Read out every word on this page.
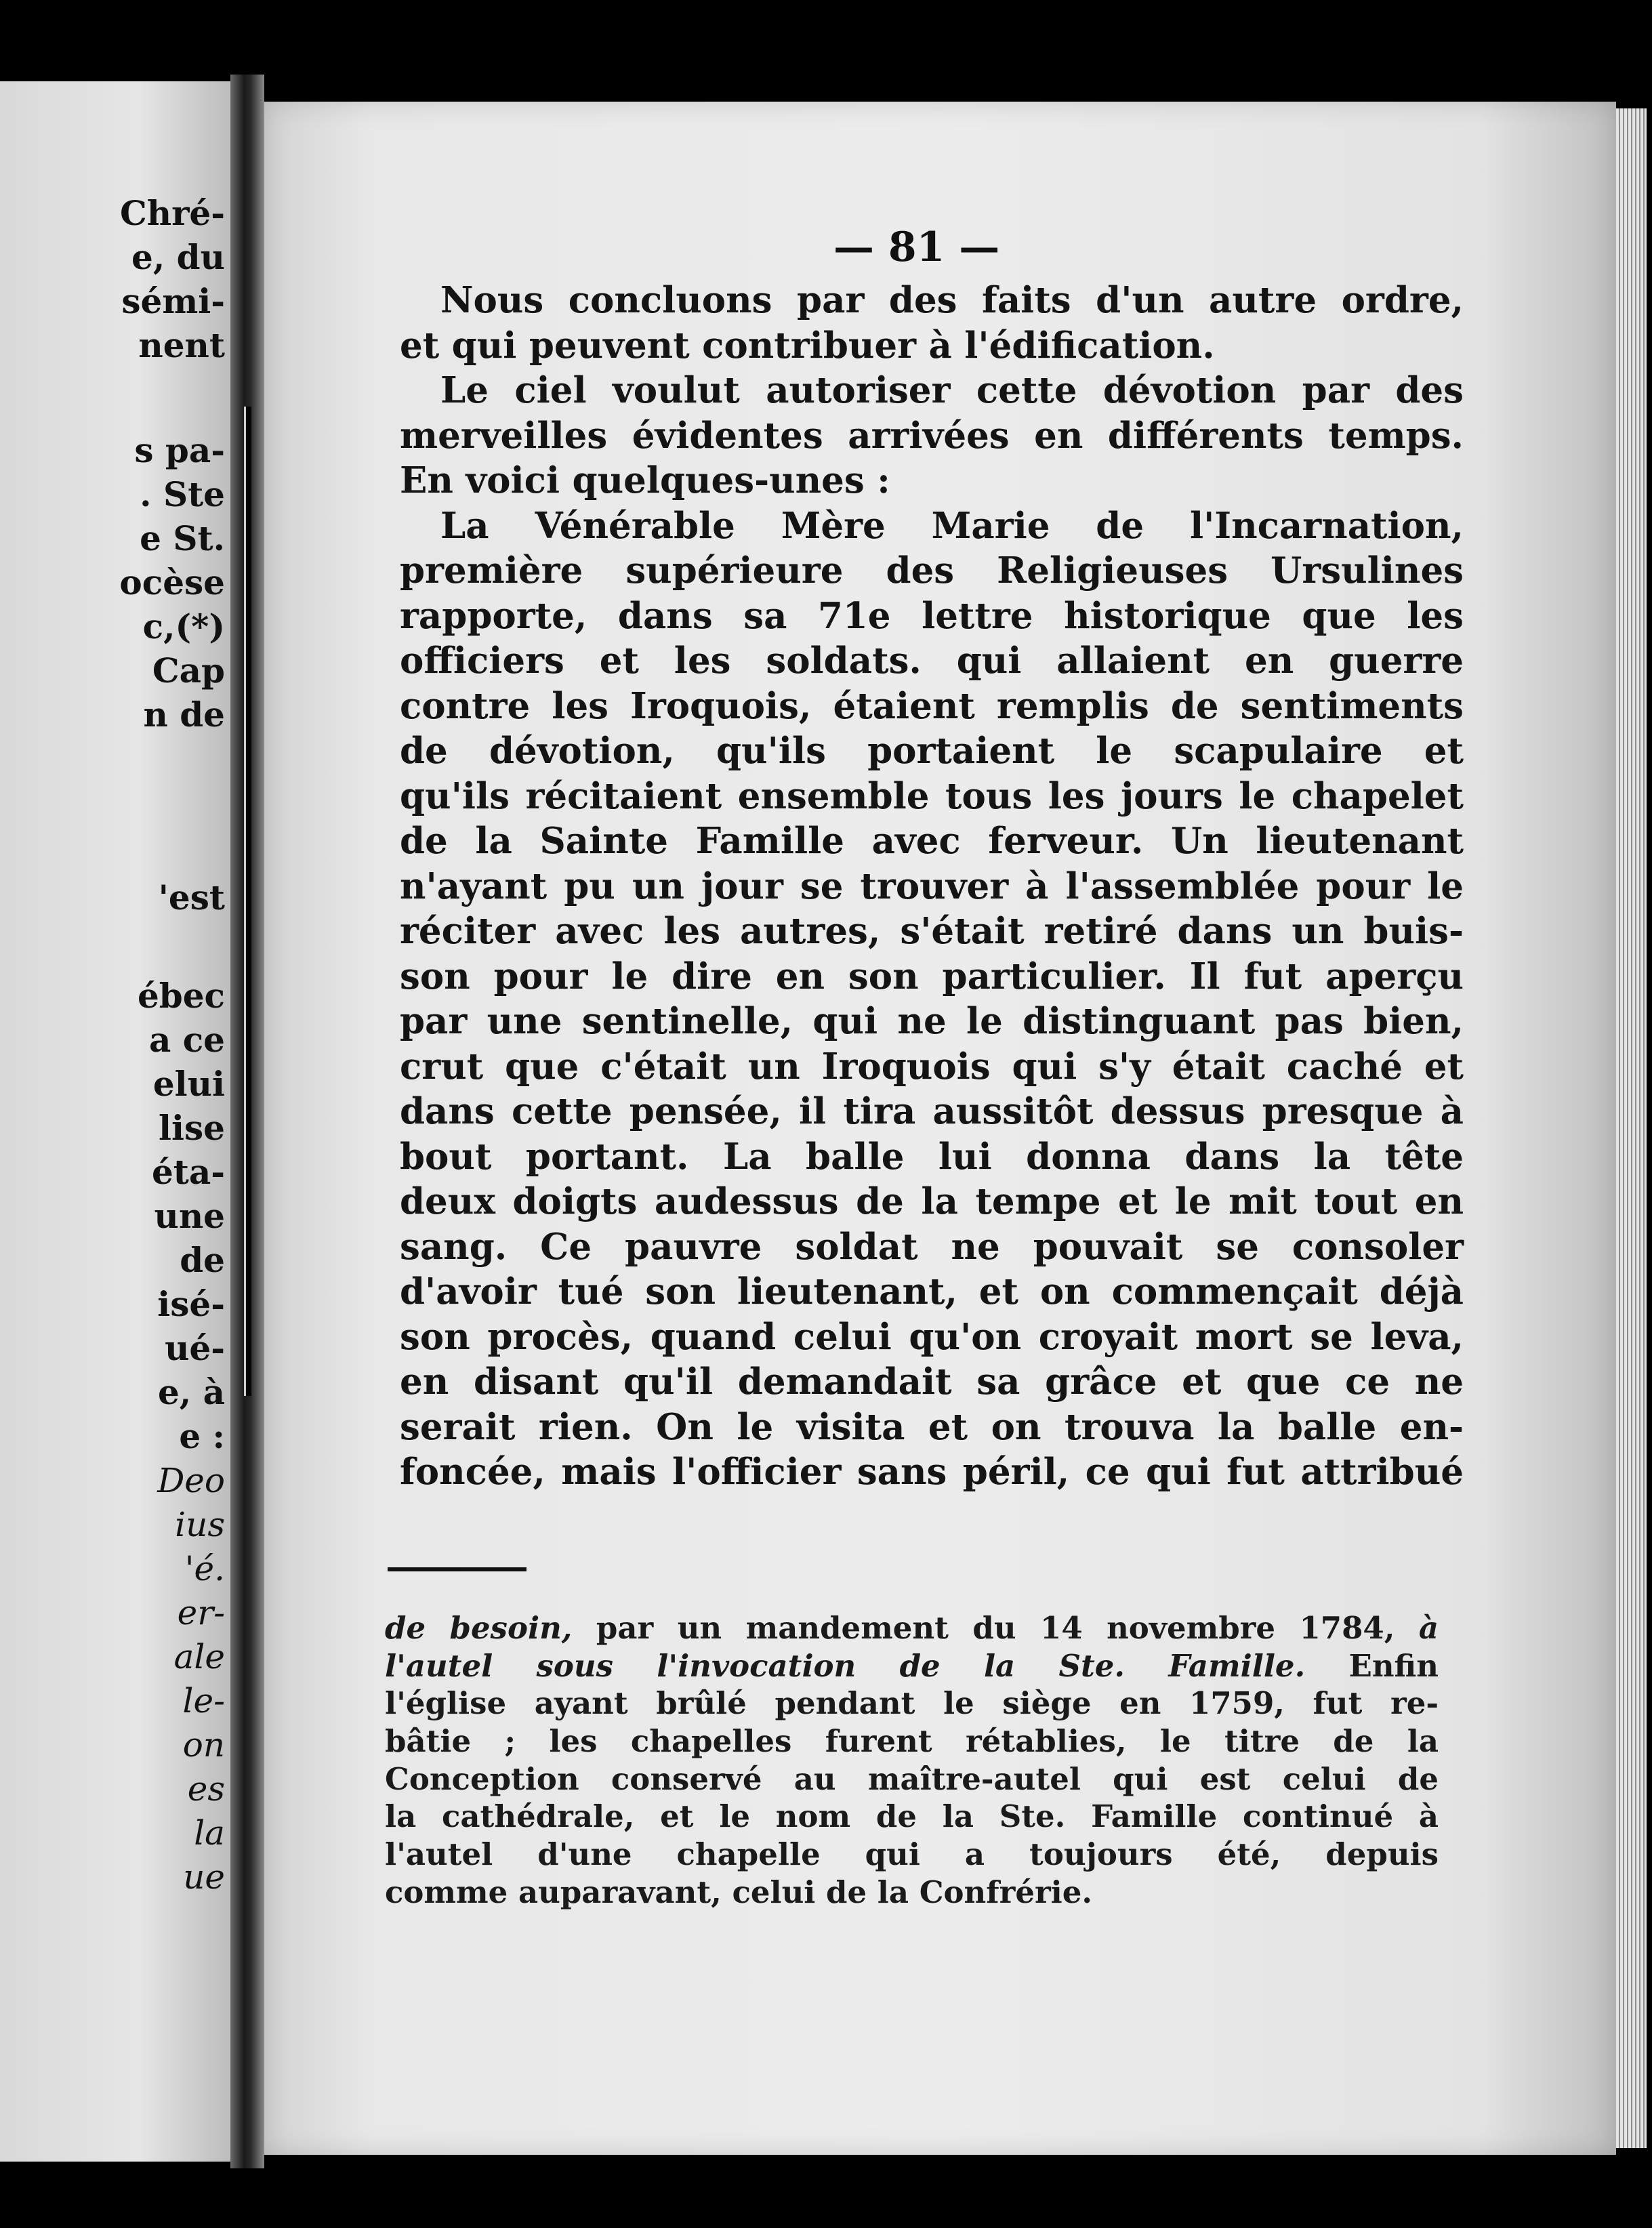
Chré-
e, du
sémi-
nent
s pa-
. Ste
e St.
ocèse
c,(*)
Cap
n de
'est
ébec
a ce
elui
lise
éta-
une
de
isé-
ué-
e, à
e :
Deo
ius
'é.
er-
ale
le-
on
es
la
ue
— 81 —
Nous concluons par des faits d'un autre ordre,
et qui peuvent contribuer à l'édification.
Le ciel voulut autoriser cette dévotion par des
merveilles évidentes arrivées en différents temps.
En voici quelques-unes :
La Vénérable Mère Marie de l'Incarnation,
première supérieure des Religieuses Ursulines
rapporte, dans sa 71e lettre historique que les
officiers et les soldats. qui allaient en guerre
contre les Iroquois, étaient remplis de sentiments
de dévotion, qu'ils portaient le scapulaire et
qu'ils récitaient ensemble tous les jours le chapelet
de la Sainte Famille avec ferveur. Un lieutenant
n'ayant pu un jour se trouver à l'assemblée pour le
réciter avec les autres, s'était retiré dans un buis-
son pour le dire en son particulier. Il fut aperçu
par une sentinelle, qui ne le distinguant pas bien,
crut que c'était un Iroquois qui s'y était caché et
dans cette pensée, il tira aussitôt dessus presque à
bout portant. La balle lui donna dans la tête
deux doigts audessus de la tempe et le mit tout en
sang. Ce pauvre soldat ne pouvait se consoler
d'avoir tué son lieutenant, et on commençait déjà
son procès, quand celui qu'on croyait mort se leva,
en disant qu'il demandait sa grâce et que ce ne
serait rien. On le visita et on trouva la balle en-
foncée, mais l'officier sans péril, ce qui fut attribué
de besoin, par un mandement du 14 novembre 1784, à
l'autel sous l'invocation de la Ste. Famille. Enfin
l'église ayant brûlé pendant le siège en 1759, fut re-
bâtie ; les chapelles furent rétablies, le titre de la
Conception conservé au maître-autel qui est celui de
la cathédrale, et le nom de la Ste. Famille continué à
l'autel d'une chapelle qui a toujours été, depuis
comme auparavant, celui de la Confrérie.
